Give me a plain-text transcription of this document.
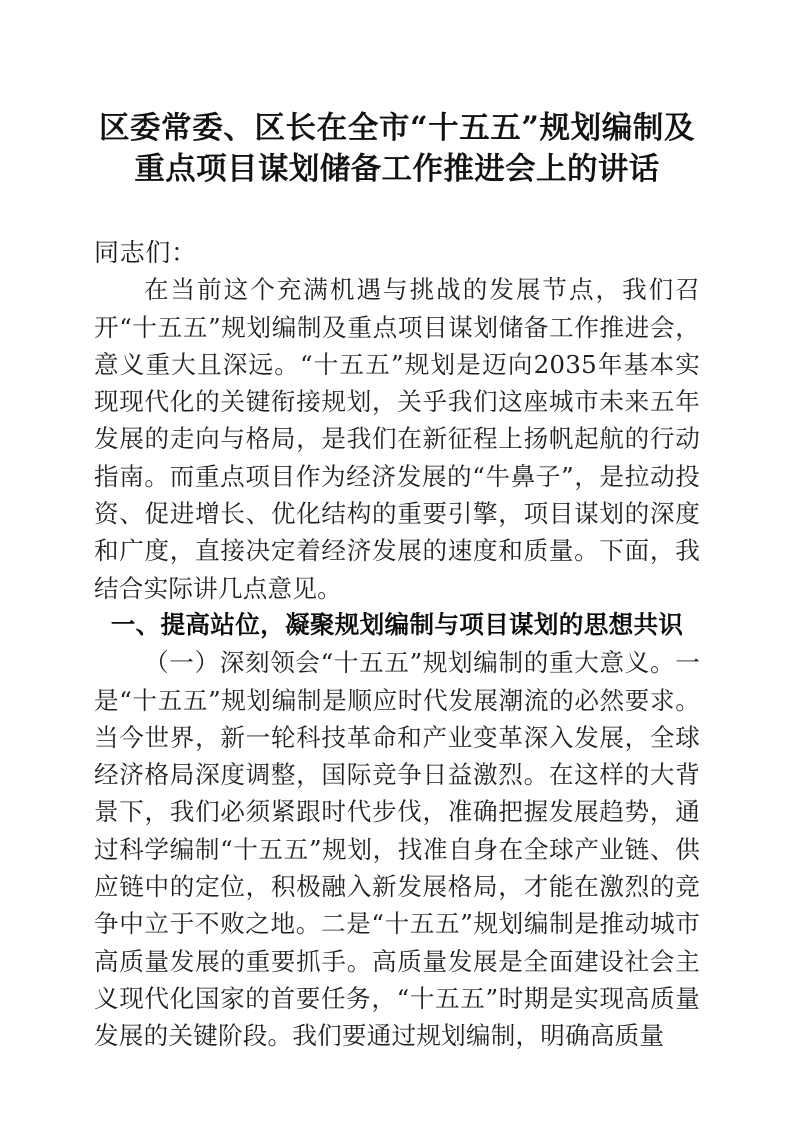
区委常委、区长在全市“十五五”规划编制及
重点项目谋划储备工作推进会上的讲话

同志们：

在当前这个充满机遇与挑战的发展节点，我们召开“十五五”规划编制及重点项目谋划储备工作推进会，意义重大且深远。“十五五”规划是迈向2035年基本实现现代化的关键衔接规划，关乎我们这座城市未来五年发展的走向与格局，是我们在新征程上扬帆起航的行动指南。而重点项目作为经济发展的“牛鼻子”，是拉动投资、促进增长、优化结构的重要引擎，项目谋划的深度和广度，直接决定着经济发展的速度和质量。下面，我结合实际讲几点意见。

一、提高站位，凝聚规划编制与项目谋划的思想共识

（一）深刻领会“十五五”规划编制的重大意义。一是“十五五”规划编制是顺应时代发展潮流的必然要求。当今世界，新一轮科技革命和产业变革深入发展，全球经济格局深度调整，国际竞争日益激烈。在这样的大背景下，我们必须紧跟时代步伐，准确把握发展趋势，通过科学编制“十五五”规划，找准自身在全球产业链、供应链中的定位，积极融入新发展格局，才能在激烈的竞争中立于不败之地。二是“十五五”规划编制是推动城市高质量发展的重要抓手。高质量发展是全面建设社会主义现代化国家的首要任务，“十五五”时期是实现高质量发展的关键阶段。我们要通过规划编制，明确高质量
